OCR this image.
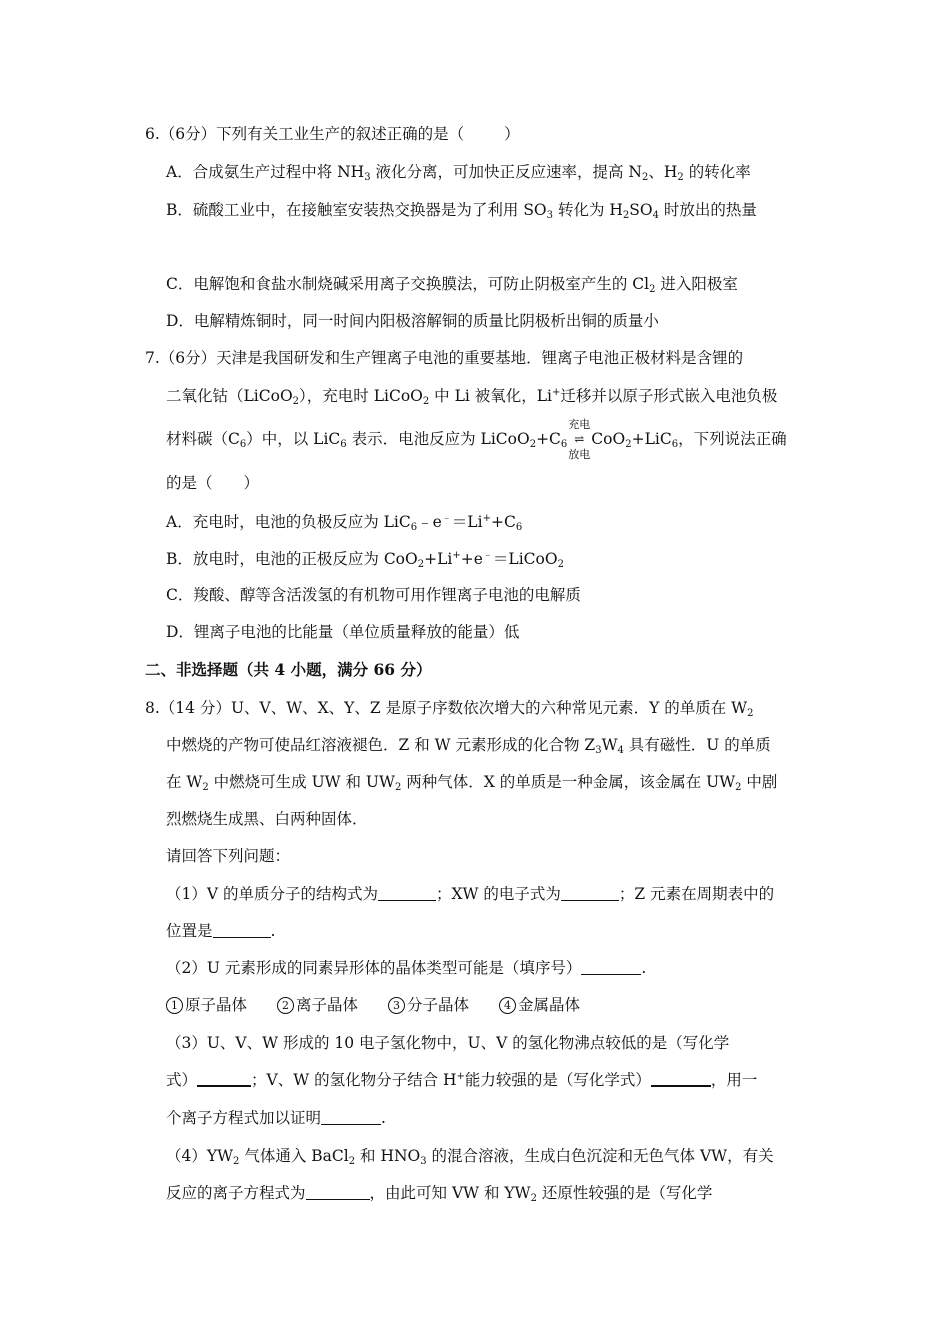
6.（6分）下列有关工业生产的叙述正确的是（	）
A．合成氨生产过程中将 $NH_3$ 液化分离，可加快正反应速率，提高 $N_2$、$H_2$ 的转化率
B．硫酸工业中，在接触室安装热交换器是为了利用 $SO_3$ 转化为 $H_2SO_4$ 时放出的热量
C．电解饱和食盐水制烧碱采用离子交换膜法，可防止阴极室产生的 $Cl_2$ 进入阳极室
D．电解精炼铜时，同一时间内阳极溶解铜的质量比阴极析出铜的质量小
7.（6分）天津是我国研发和生产锂离子电池的重要基地．锂离子电池正极材料是含锂的
二氧化钴（LiCoO$_2$），充电时 LiCoO$_2$ 中 Li 被氧化，Li+迁移并以原子形式嵌入电池负极
材料碳$(C_6)$中，以 LiC$_6$ 表示．电池反应为 $LiCoO_2+C_6$
充电
⇌
放电
CoO$_2$+LiC$_6$，下列说法正确
的是（　　）
A．充电时，电池的负极反应为 $LiC_6﹣e^﹣=Li^++C_6$
B．放电时，电池的正极反应为 CoO$_2$+Li++e﹣＝LiCoO$_2$
C．羧酸、醇等含活泼氢的有机物可用作锂离子电池的电解质
D．锂离子电池的比能量（单位质量释放的能量）低
二、非选择题（共 4 小题，满分 66 分）
8.（14 分）U、V、W、X、Y、Z 是原子序数依次增大的六种常见元素．Y 的单质在 $W_2$
中燃烧的产物可使品红溶液褪色．Z 和 W 元素形成的化合物 $Z_3W_4$ 具有磁性．U 的单质
在 $W_2$ 中燃烧可生成 UW 和 $UW_2$ 两种气体．X 的单质是一种金属，该金属在 $UW_2$ 中剧
烈燃烧生成黑、白两种固体．
请回答下列问题：
（1）V 的单质分子的结构式为	；XW 的电子式为	；Z 元素在周期表中的
位置是	.
（2）U 元素形成的同素异形体的晶体类型可能是（填序号）	.
1 原子晶体	2 离子晶体	3 分子晶体	4 金属晶体
（3）U、V、W 形成的 10 电子氢化物中，U、V 的氢化物沸点较低的是（写化学
式）	；V、W 的氢化物分子结合 H+能力较强的是（写化学式）	，用一
个离子方程式加以证明	.
$(4)YW_2$ 气体通入 BaCl$_2$ 和 $HNO_3$ 的混合溶液，生成白色沉淀和无色气体 VW，有关
反应的离子方程式为	，由此可知 VW 和 $YW_2$ 还原性较强的是（写化学
